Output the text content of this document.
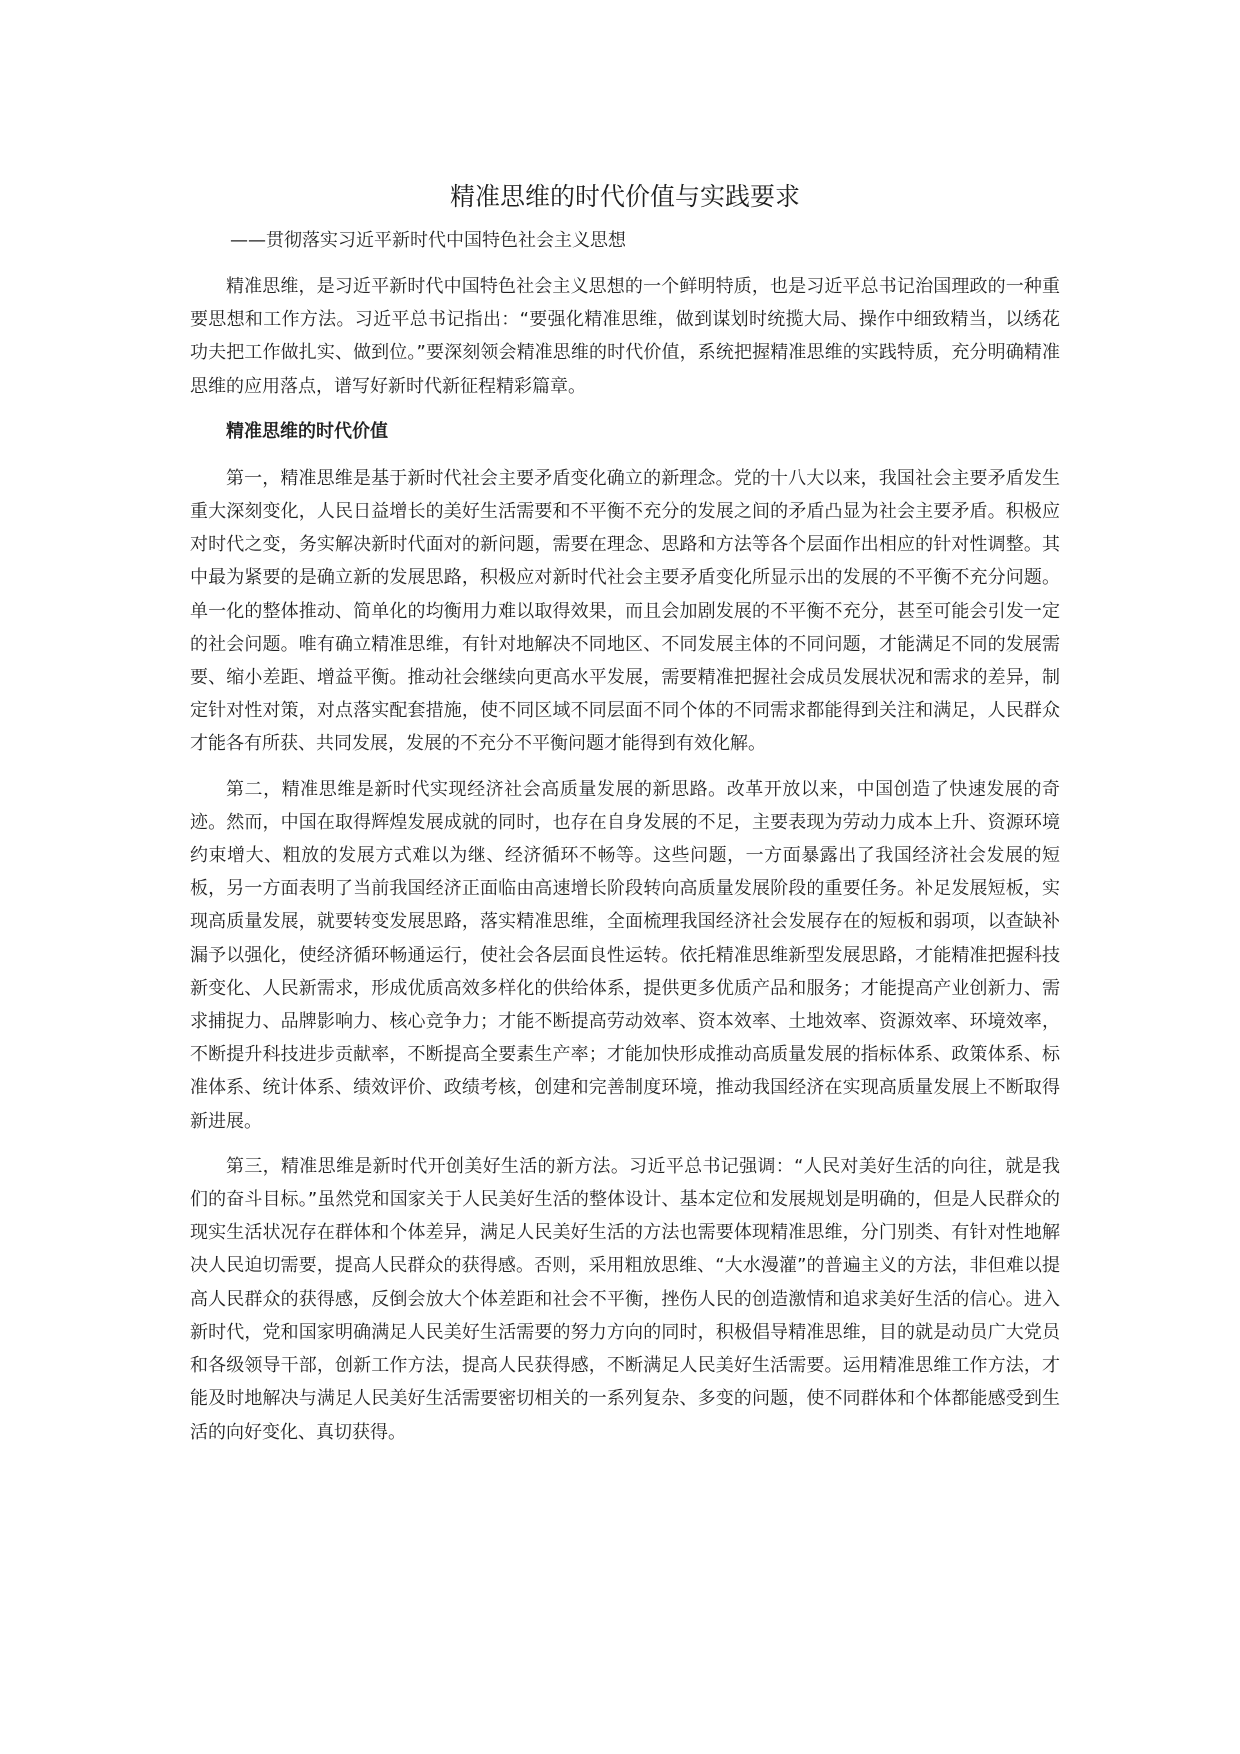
精准思维的时代价值与实践要求
——贯彻落实习近平新时代中国特色社会主义思想

精准思维，是习近平新时代中国特色社会主义思想的一个鲜明特质，也是习近平总书记治国理政的一种重要思想和工作方法。习近平总书记指出：“要强化精准思维，做到谋划时统揽大局、操作中细致精当，以绣花功夫把工作做扎实、做到位。”要深刻领会精准思维的时代价值，系统把握精准思维的实践特质，充分明确精准思维的应用落点，谱写好新时代新征程精彩篇章。

精准思维的时代价值

第一，精准思维是基于新时代社会主要矛盾变化确立的新理念。党的十八大以来，我国社会主要矛盾发生重大深刻变化，人民日益增长的美好生活需要和不平衡不充分的发展之间的矛盾凸显为社会主要矛盾。积极应对时代之变，务实解决新时代面对的新问题，需要在理念、思路和方法等各个层面作出相应的针对性调整。其中最为紧要的是确立新的发展思路，积极应对新时代社会主要矛盾变化所显示出的发展的不平衡不充分问题。单一化的整体推动、简单化的均衡用力难以取得效果，而且会加剧发展的不平衡不充分，甚至可能会引发一定的社会问题。唯有确立精准思维，有针对地解决不同地区、不同发展主体的不同问题，才能满足不同的发展需要、缩小差距、增益平衡。推动社会继续向更高水平发展，需要精准把握社会成员发展状况和需求的差异，制定针对性对策，对点落实配套措施，使不同区域不同层面不同个体的不同需求都能得到关注和满足，人民群众才能各有所获、共同发展，发展的不充分不平衡问题才能得到有效化解。

第二，精准思维是新时代实现经济社会高质量发展的新思路。改革开放以来，中国创造了快速发展的奇迹。然而，中国在取得辉煌发展成就的同时，也存在自身发展的不足，主要表现为劳动力成本上升、资源环境约束增大、粗放的发展方式难以为继、经济循环不畅等。这些问题，一方面暴露出了我国经济社会发展的短板，另一方面表明了当前我国经济正面临由高速增长阶段转向高质量发展阶段的重要任务。补足发展短板，实现高质量发展，就要转变发展思路，落实精准思维，全面梳理我国经济社会发展存在的短板和弱项，以查缺补漏予以强化，使经济循环畅通运行，使社会各层面良性运转。依托精准思维新型发展思路，才能精准把握科技新变化、人民新需求，形成优质高效多样化的供给体系，提供更多优质产品和服务；才能提高产业创新力、需求捕捉力、品牌影响力、核心竞争力；才能不断提高劳动效率、资本效率、土地效率、资源效率、环境效率，不断提升科技进步贡献率，不断提高全要素生产率；才能加快形成推动高质量发展的指标体系、政策体系、标准体系、统计体系、绩效评价、政绩考核，创建和完善制度环境，推动我国经济在实现高质量发展上不断取得新进展。

第三，精准思维是新时代开创美好生活的新方法。习近平总书记强调：“人民对美好生活的向往，就是我们的奋斗目标。”虽然党和国家关于人民美好生活的整体设计、基本定位和发展规划是明确的，但是人民群众的现实生活状况存在群体和个体差异，满足人民美好生活的方法也需要体现精准思维，分门别类、有针对性地解决人民迫切需要，提高人民群众的获得感。否则，采用粗放思维、“大水漫灌”的普遍主义的方法，非但难以提高人民群众的获得感，反倒会放大个体差距和社会不平衡，挫伤人民的创造激情和追求美好生活的信心。进入新时代，党和国家明确满足人民美好生活需要的努力方向的同时，积极倡导精准思维，目的就是动员广大党员和各级领导干部，创新工作方法，提高人民获得感，不断满足人民美好生活需要。运用精准思维工作方法，才能及时地解决与满足人民美好生活需要密切相关的一系列复杂、多变的问题，使不同群体和个体都能感受到生活的向好变化、真切获得。
